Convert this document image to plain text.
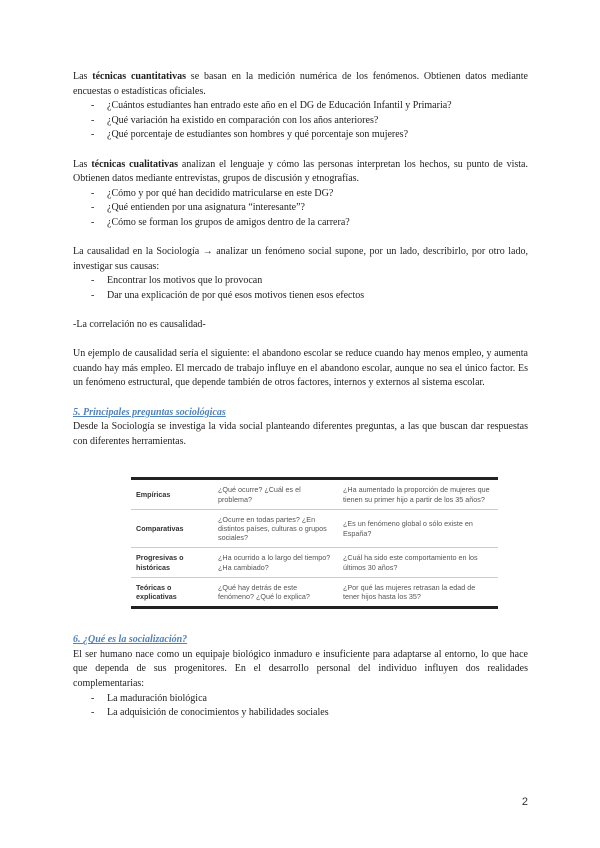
Las técnicas cuantitativas se basan en la medición numérica de los fenómenos. Obtienen datos mediante encuestas o estadísticas oficiales.

- ¿Cuántos estudiantes han entrado este año en el DG de Educación Infantil y Primaria?
- ¿Qué variación ha existido en comparación con los años anteriores?
- ¿Qué porcentaje de estudiantes son hombres y qué porcentaje son mujeres?

Las técnicas cualitativas analizan el lenguaje y cómo las personas interpretan los hechos, su punto de vista. Obtienen datos mediante entrevistas, grupos de discusión y etnografías.

- ¿Cómo y por qué han decidido matricularse en este DG?
- ¿Qué entienden por una asignatura “interesante”?
- ¿Cómo se forman los grupos de amigos dentro de la carrera?

La causalidad en la Sociología → analizar un fenómeno social supone, por un lado, describirlo, por otro lado, investigar sus causas:

- Encontrar los motivos que lo provocan
- Dar una explicación de por qué esos motivos tienen esos efectos

-La correlación no es causalidad-

Un ejemplo de causalidad sería el siguiente: el abandono escolar se reduce cuando hay menos empleo, y aumenta cuando hay más empleo. El mercado de trabajo influye en el abandono escolar, aunque no sea el único factor. Es un fenómeno estructural, que depende también de otros factores, internos y externos al sistema escolar.

5. Principales preguntas sociológicas

Desde la Sociología se investiga la vida social planteando diferentes preguntas, a las que buscan dar respuestas con diferentes herramientas.

Empíricas	¿Qué ocurre? ¿Cuál es el problema?	¿Ha aumentado la proporción de mujeres que tienen su primer hijo a partir de los 35 años?
Comparativas	¿Ocurre en todas partes? ¿En distintos países, culturas o grupos sociales?	¿Es un fenómeno global o sólo existe en España?
Progresivas o históricas	¿Ha ocurrido a lo largo del tiempo? ¿Ha cambiado?	¿Cuál ha sido este comportamiento en los últimos 30 años?
Teóricas o explicativas	¿Qué hay detrás de este fenómeno? ¿Qué lo explica?	¿Por qué las mujeres retrasan la edad de tener hijos hasta los 35?

6. ¿Qué es la socialización?

El ser humano nace como un equipaje biológico inmaduro e insuficiente para adaptarse al entorno, lo que hace que dependa de sus progenitores. En el desarrollo personal del individuo influyen dos realidades complementarias:

- La maduración biológica
- La adquisición de conocimientos y habilidades sociales
2
